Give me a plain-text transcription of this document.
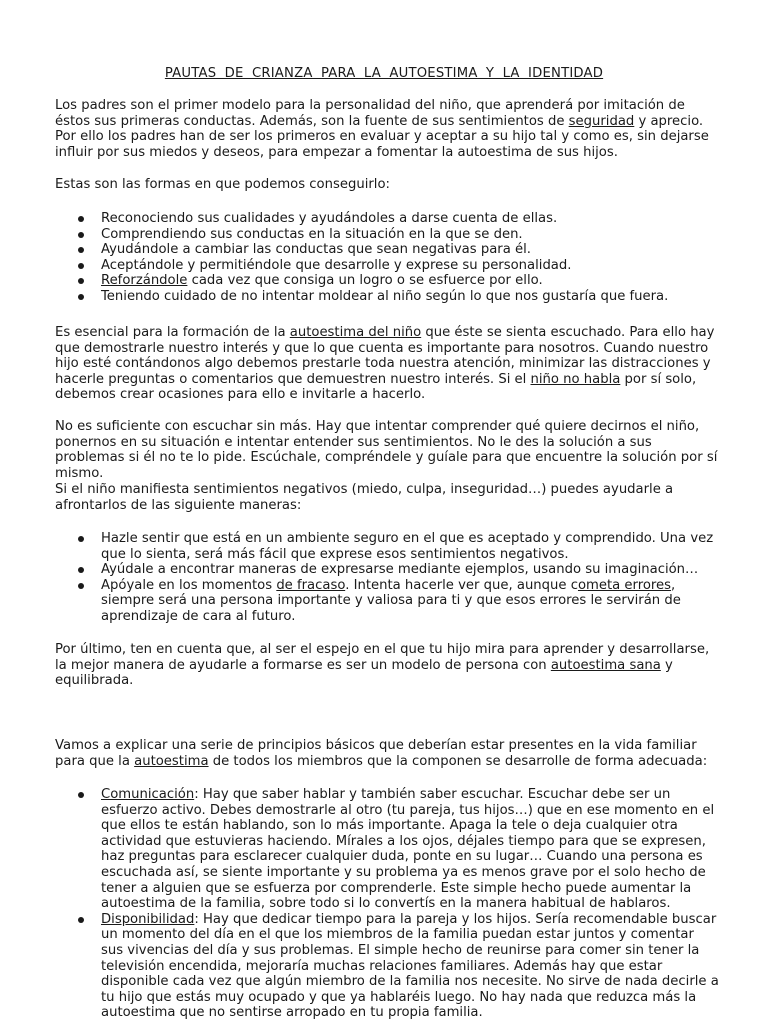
PAUTAS DE CRIANZA PARA LA AUTOESTIMA Y LA IDENTIDAD

Los padres son el primer modelo para la personalidad del niño, que aprenderá por imitación de éstos sus primeras conductas. Además, son la fuente de sus sentimientos de seguridad y aprecio. Por ello los padres han de ser los primeros en evaluar y aceptar a su hijo tal y como es, sin dejarse influir por sus miedos y deseos, para empezar a fomentar la autoestima de sus hijos.

Estas son las formas en que podemos conseguirlo:

Reconociendo sus cualidades y ayudándoles a darse cuenta de ellas.
Comprendiendo sus conductas en la situación en la que se den.
Ayudándole a cambiar las conductas que sean negativas para él.
Aceptándole y permitiéndole que desarrolle y exprese su personalidad.
Reforzándole cada vez que consiga un logro o se esfuerce por ello.
Teniendo cuidado de no intentar moldear al niño según lo que nos gustaría que fuera.

Es esencial para la formación de la autoestima del niño que éste se sienta escuchado. Para ello hay que demostrarle nuestro interés y que lo que cuenta es importante para nosotros. Cuando nuestro hijo esté contándonos algo debemos prestarle toda nuestra atención, minimizar las distracciones y hacerle preguntas o comentarios que demuestren nuestro interés. Si el niño no habla por sí solo, debemos crear ocasiones para ello e invitarle a hacerlo.

No es suficiente con escuchar sin más. Hay que intentar comprender qué quiere decirnos el niño, ponernos en su situación e intentar entender sus sentimientos. No le des la solución a sus problemas si él no te lo pide. Escúchale, compréndele y guíale para que encuentre la solución por sí mismo.

Si el niño manifiesta sentimientos negativos (miedo, culpa, inseguridad…) puedes ayudarle a afrontarlos de las siguiente maneras:

Hazle sentir que está en un ambiente seguro en el que es aceptado y comprendido. Una vez que lo sienta, será más fácil que exprese esos sentimientos negativos.
Ayúdale a encontrar maneras de expresarse mediante ejemplos, usando su imaginación…
Apóyale en los momentos de fracaso. Intenta hacerle ver que, aunque cometa errores, siempre será una persona importante y valiosa para ti y que esos errores le servirán de aprendizaje de cara al futuro.

Por último, ten en cuenta que, al ser el espejo en el que tu hijo mira para aprender y desarrollarse, la mejor manera de ayudarle a formarse es ser un modelo de persona con autoestima sana y equilibrada.

Vamos a explicar una serie de principios básicos que deberían estar presentes en la vida familiar para que la autoestima de todos los miembros que la componen se desarrolle de forma adecuada:

Comunicación: Hay que saber hablar y también saber escuchar. Escuchar debe ser un esfuerzo activo. Debes demostrarle al otro (tu pareja, tus hijos…) que en ese momento en el que ellos te están hablando, son lo más importante. Apaga la tele o deja cualquier otra actividad que estuvieras haciendo. Mírales a los ojos, déjales tiempo para que se expresen, haz preguntas para esclarecer cualquier duda, ponte en su lugar… Cuando una persona es escuchada así, se siente importante y su problema ya es menos grave por el solo hecho de tener a alguien que se esfuerza por comprenderle. Este simple hecho puede aumentar la autoestima de la familia, sobre todo si lo convertís en la manera habitual de hablaros.
Disponibilidad: Hay que dedicar tiempo para la pareja y los hijos. Sería recomendable buscar un momento del día en el que los miembros de la familia puedan estar juntos y comentar sus vivencias del día y sus problemas. El simple hecho de reunirse para comer sin tener la televisión encendida, mejoraría muchas relaciones familiares. Además hay que estar disponible cada vez que algún miembro de la familia nos necesite. No sirve de nada decirle a tu hijo que estás muy ocupado y que ya hablaréis luego. No hay nada que reduzca más la autoestima que no sentirse arropado en tu propia familia.
